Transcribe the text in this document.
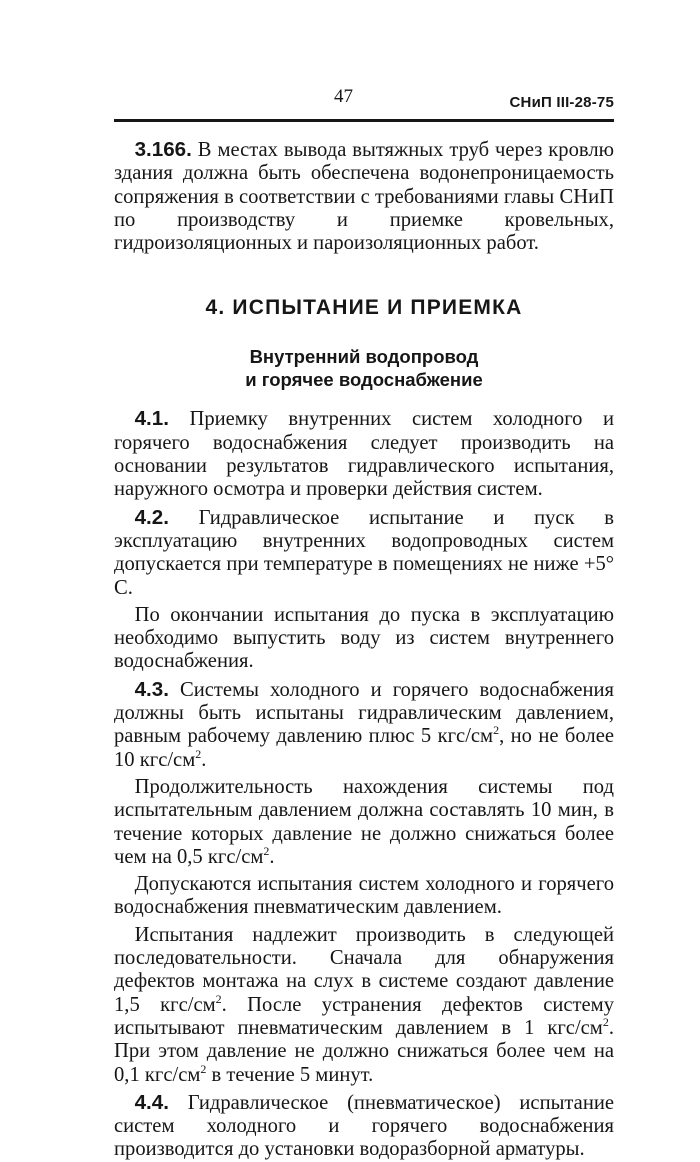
47	СНиП III-28-75

 3.166. В местах вывода вытяжных труб через кровлю здания должна быть обеспечена водонепроницаемость сопряжения в соответствии с требованиями главы СНиП по производству и приемке кровельных, гидроизоляционных и пароизоляционных работ.

4. ИСПЫТАНИЕ И ПРИЕМКА
Внутренний водопровод
и горячее водоснабжение

 4.1. Приемку внутренних систем холодного и горячего водоснабжения следует производить на основании результатов гидравлического испытания, наружного осмотра и проверки действия систем.

 4.2. Гидравлическое испытание и пуск в эксплуатацию внутренних водопроводных систем допускается при температуре в помещениях не ниже +5° С.

 По окончании испытания до пуска в эксплуатацию необходимо выпустить воду из систем внутреннего водоснабжения.

 4.3. Системы холодного и горячего водоснабжения должны быть испытаны гидравлическим давлением, равным рабочему давлению плюс 5 кгс/$см^2$, но не более 10 кгс/$см^2$.

 Продолжительность нахождения системы под испытательным давлением должна составлять 10 мин, в течение которых давление не должно снижаться более чем на 0,5 кгс/$см^2$.

 Допускаются испытания систем холодного и горячего водоснабжения пневматическим давлением.

 Испытания надлежит производить в следующей последовательности. Сначала для обнаружения дефектов монтажа на слух в системе создают давление 1,5 кгс/$см^2$. После устранения дефектов систему испытывают пневматическим давлением в 1 кгс/$см^2$. При этом давление не должно снижаться более чем на 0,1 кгс/$см^2$ в течение 5 минут.

 4.4. Гидравлическое (пневматическое) испытание систем холодного и горячего водоснабжения производится до установки водоразборной арматуры.
